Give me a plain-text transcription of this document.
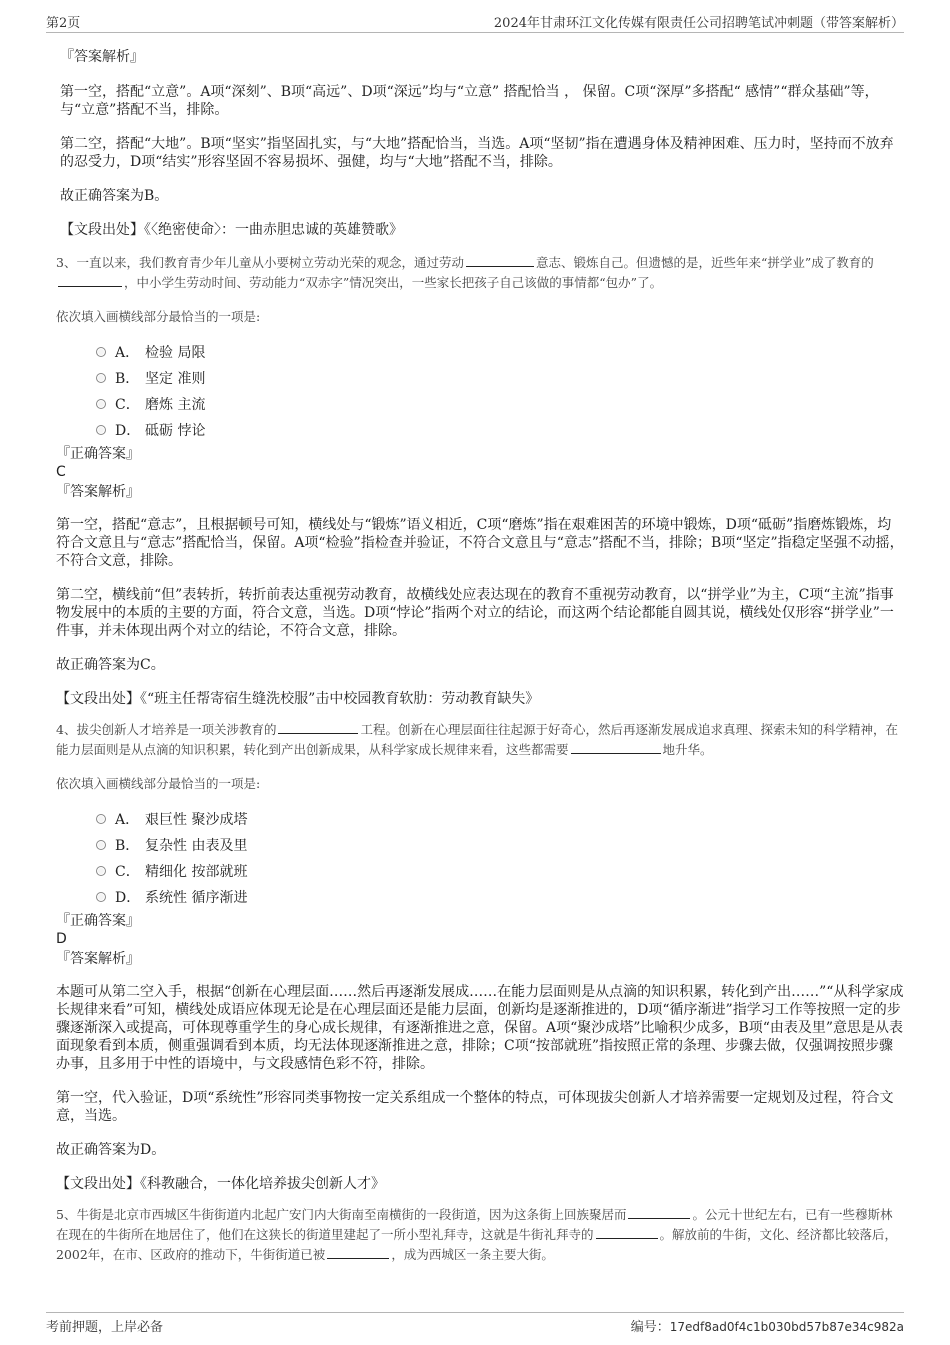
第2页	2024年甘肃环江文化传媒有限责任公司招聘笔试冲刺题（带答案解析）

『答案解析』

第一空，搭配“立意”。A项“深刻”、B项“高远”、D项“深远”均与“立意” 搭配恰当 ， 保留。C项“深厚”多搭配“ 感情”“群众基础”等，与“立意”搭配不当，排除。

第二空，搭配“大地”。B项“坚实”指坚固扎实，与“大地”搭配恰当，当选。A项“坚韧”指在遭遇身体及精神困难、压力时，坚持而不放弃的忍受力，D项“结实”形容坚固不容易损坏、强健，均与“大地”搭配不当，排除。

故正确答案为B。

【文段出处】《〈绝密使命〉：一曲赤胆忠诚的英雄赞歌》

3、一直以来，我们教育青少年儿童从小要树立劳动光荣的观念，通过劳动	意志、锻炼自己。但遗憾的是，近些年来“拼学业”成了教育的，中小学生劳动时间、劳动能力“双赤字”情况突出，一些家长把孩子自己该做的事情都“包办”了。

依次填入画横线部分最恰当的一项是:

A． 检验 局限
B． 坚定 准则
C． 磨炼 主流
D． 砥砺 悖论

『正确答案』

C

『答案解析』

第一空，搭配“意志”，且根据顿号可知，横线处与“锻炼”语义相近，C项“磨炼”指在艰难困苦的环境中锻炼，D项“砥砺”指磨炼锻炼，均符合文意且与“意志”搭配恰当，保留。A项“检验”指检查并验证，不符合文意且与“意志”搭配不当，排除；B项“坚定”指稳定坚强不动摇，不符合文意，排除。

第二空，横线前“但”表转折，转折前表达重视劳动教育，故横线处应表达现在的教育不重视劳动教育，以“拼学业”为主，C项“主流”指事物发展中的本质的主要的方面，符合文意，当选。D项“悖论”指两个对立的结论，而这两个结论都能自圆其说，横线处仅形容“拼学业”一件事，并未体现出两个对立的结论，不符合文意，排除。

故正确答案为C。

【文段出处】《“班主任帮寄宿生缝洗校服”击中校园教育软肋：劳动教育缺失》

4、拔尖创新人才培养是一项关涉教育的	工程。创新在心理层面往往起源于好奇心，然后再逐渐发展成追求真理、探索未知的科学精神，在能力层面则是从点滴的知识积累，转化到产出创新成果，从科学家成长规律来看，这些都需要	地升华。

依次填入画横线部分最恰当的一项是:

A． 艰巨性 聚沙成塔
B． 复杂性 由表及里
C． 精细化 按部就班
D． 系统性 循序渐进

『正确答案』

D

『答案解析』

本题可从第二空入手，根据“创新在心理层面……然后再逐渐发展成……在能力层面则是从点滴的知识积累，转化到产出……”“从科学家成长规律来看”可知，横线处成语应体现无论是在心理层面还是能力层面，创新均是逐渐推进的，D项“循序渐进”指学习工作等按照一定的步骤逐渐深入或提高，可体现尊重学生的身心成长规律，有逐渐推进之意，保留。A项“聚沙成塔”比喻积少成多，B项“由表及里”意思是从表面现象看到本质，侧重强调看到本质，均无法体现逐渐推进之意，排除；C项“按部就班”指按照正常的条理、步骤去做，仅强调按照步骤办事，且多用于中性的语境中，与文段感情色彩不符，排除。

第一空，代入验证，D项“系统性”形容同类事物按一定关系组成一个整体的特点，可体现拔尖创新人才培养需要一定规划及过程，符合文意，当选。

故正确答案为D。

【文段出处】《科教融合，一体化培养拔尖创新人才》

5、牛街是北京市西城区牛街街道内北起广安门内大街南至南横街的一段街道，因为这条街上回族聚居而	。公元十世纪左右，已有一些穆斯林在现在的牛街所在地居住了，他们在这狭长的街道里建起了一所小型礼拜寺，这就是牛街礼拜寺的	。解放前的牛街，文化、经济都比较落后，2002年，在市、区政府的推动下，牛街街道已被	，成为西城区一条主要大街。

考前押题，上岸必备	编号：17edf8ad0f4c1b030bd57b87e34c982a
